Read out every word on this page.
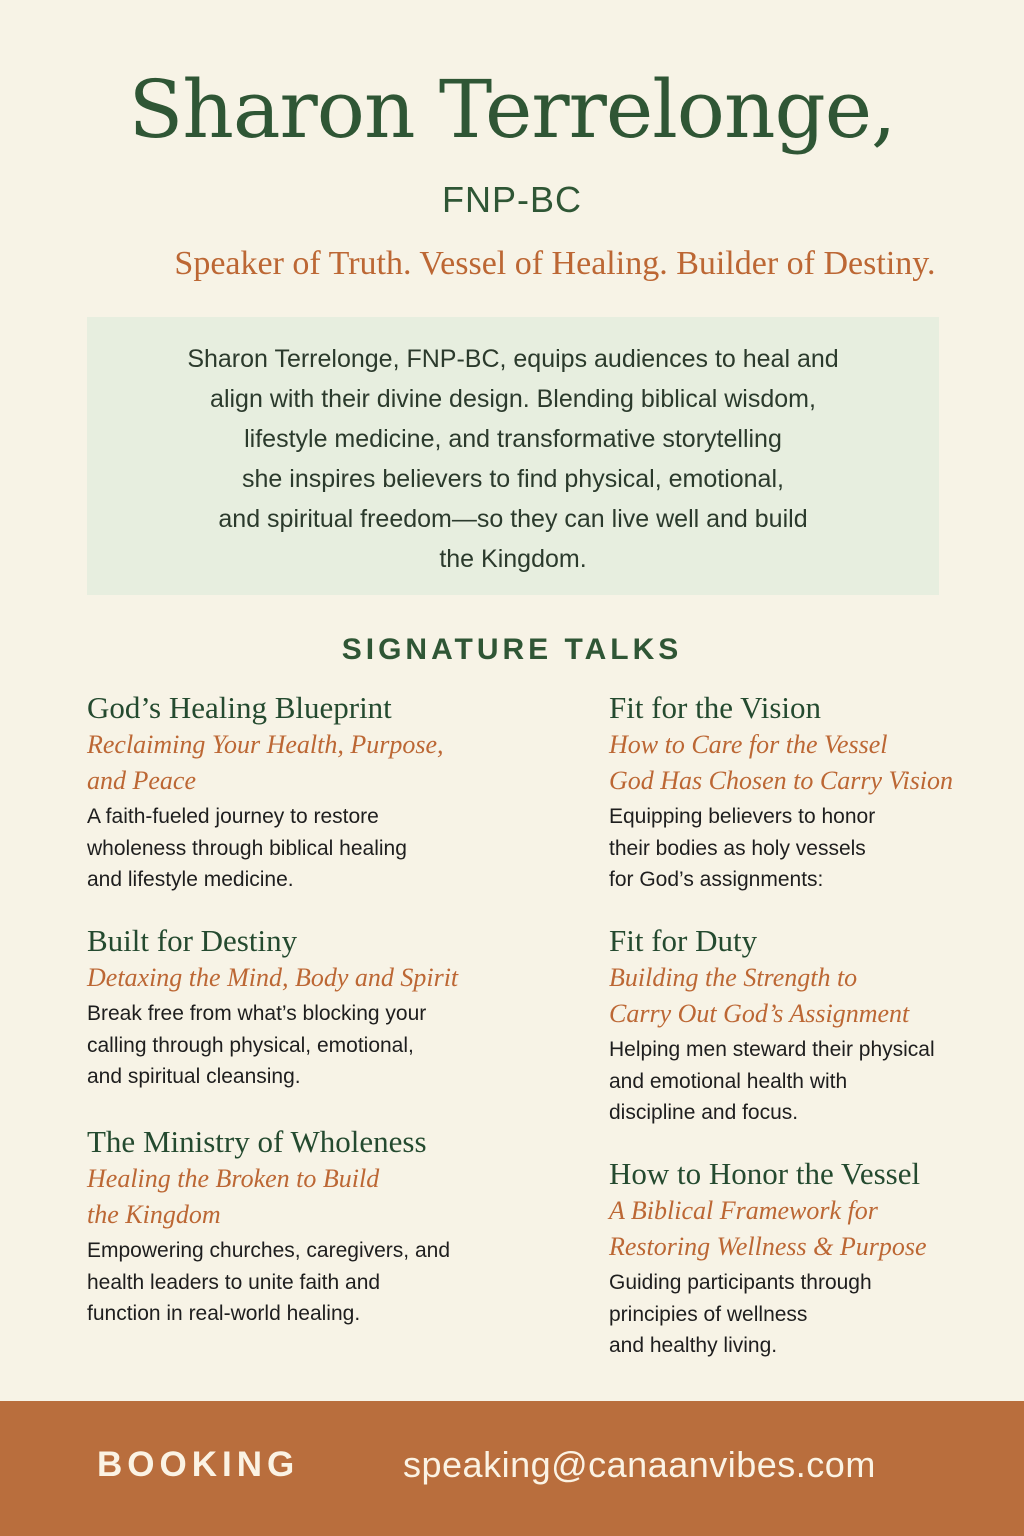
Sharon Terrelonge,
FNP-BC
Speaker of Truth. Vessel of Healing. Builder of Destiny.
Sharon Terrelonge, FNP-BC, equips audiences to heal and
align with their divine design. Blending biblical wisdom,
lifestyle medicine, and transformative storytelling
she inspires believers to find physical, emotional,
and spiritual freedom—so they can live well and build
the Kingdom.
SIGNATURE TALKS
God’s Healing Blueprint
Reclaiming Your Health, Purpose,
and Peace
A faith-fueled journey to restore
wholeness through biblical healing
and lifestyle medicine.
Built for Destiny
Detaxing the Mind, Body and Spirit
Break free from what’s blocking your
calling through physical, emotional,
and spiritual cleansing.
The Ministry of Wholeness
Healing the Broken to Build
the Kingdom
Empowering churches, caregivers, and
health leaders to unite faith and
function in real-world healing.
Fit for the Vision
How to Care for the Vessel
God Has Chosen to Carry Vision
Equipping believers to honor
their bodies as holy vessels
for God’s assignments:
Fit for Duty
Building the Strength to
Carry Out God’s Assignment
Helping men steward their physical
and emotional health with
discipline and focus.
How to Honor the Vessel
A Biblical Framework for
Restoring Wellness & Purpose
Guiding participants through
principies of wellness
and healthy living.
BOOKING	speaking@canaanvibes.com
